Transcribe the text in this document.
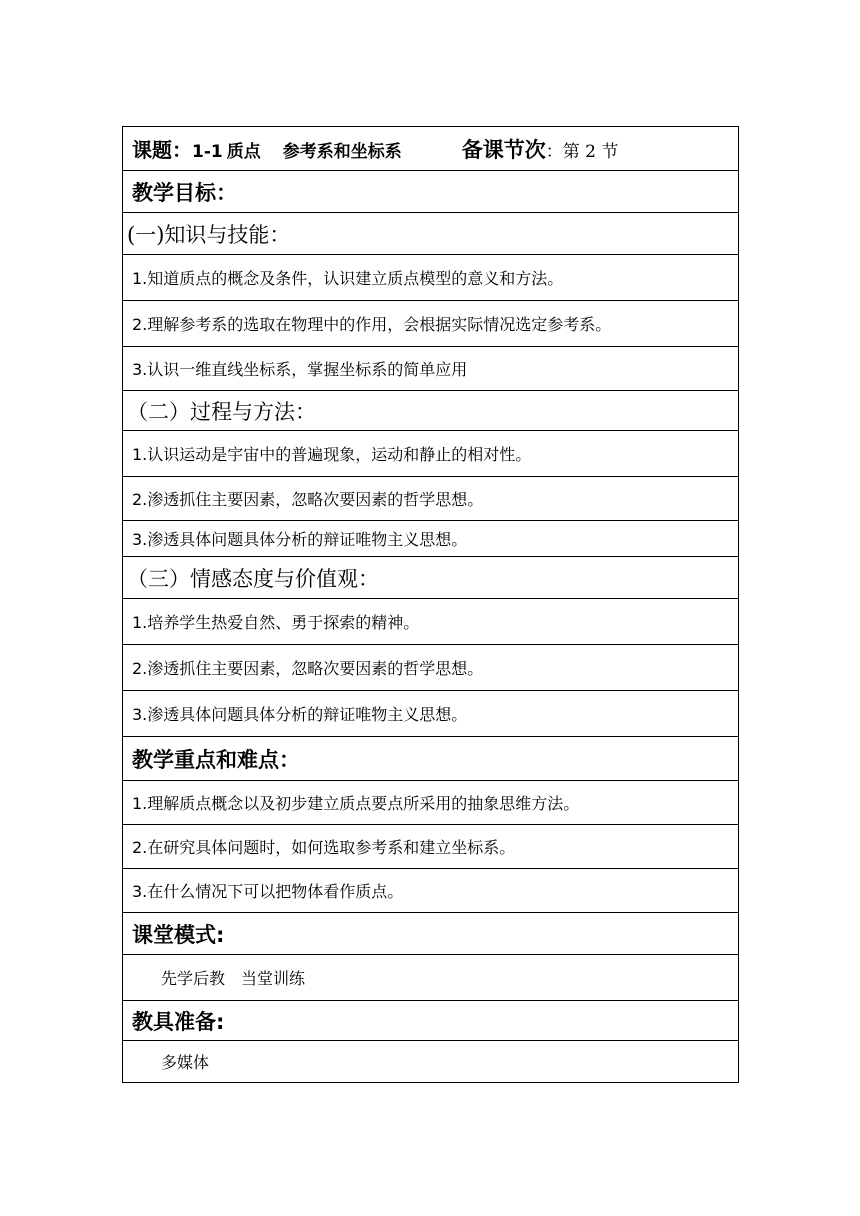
课题：1-1 质点 参考系和坐标系	备课节次：第 2 节
教学目标：
(一)知识与技能：
1.知道质点的概念及条件，认识建立质点模型的意义和方法。
2.理解参考系的选取在物理中的作用，会根据实际情况选定参考系。
3.认识一维直线坐标系，掌握坐标系的简单应用
（二）过程与方法：
1.认识运动是宇宙中的普遍现象，运动和静止的相对性。
2.渗透抓住主要因素，忽略次要因素的哲学思想。
3.渗透具体问题具体分析的辩证唯物主义思想。
（三）情感态度与价值观：
1.培养学生热爱自然、勇于探索的精神。
2.渗透抓住主要因素，忽略次要因素的哲学思想。
3.渗透具体问题具体分析的辩证唯物主义思想。
教学重点和难点：
1.理解质点概念以及初步建立质点要点所采用的抽象思维方法。
2.在研究具体问题时，如何选取参考系和建立坐标系。
3.在什么情况下可以把物体看作质点。
课堂模式:
先学后教　当堂训练
教具准备:
多媒体
